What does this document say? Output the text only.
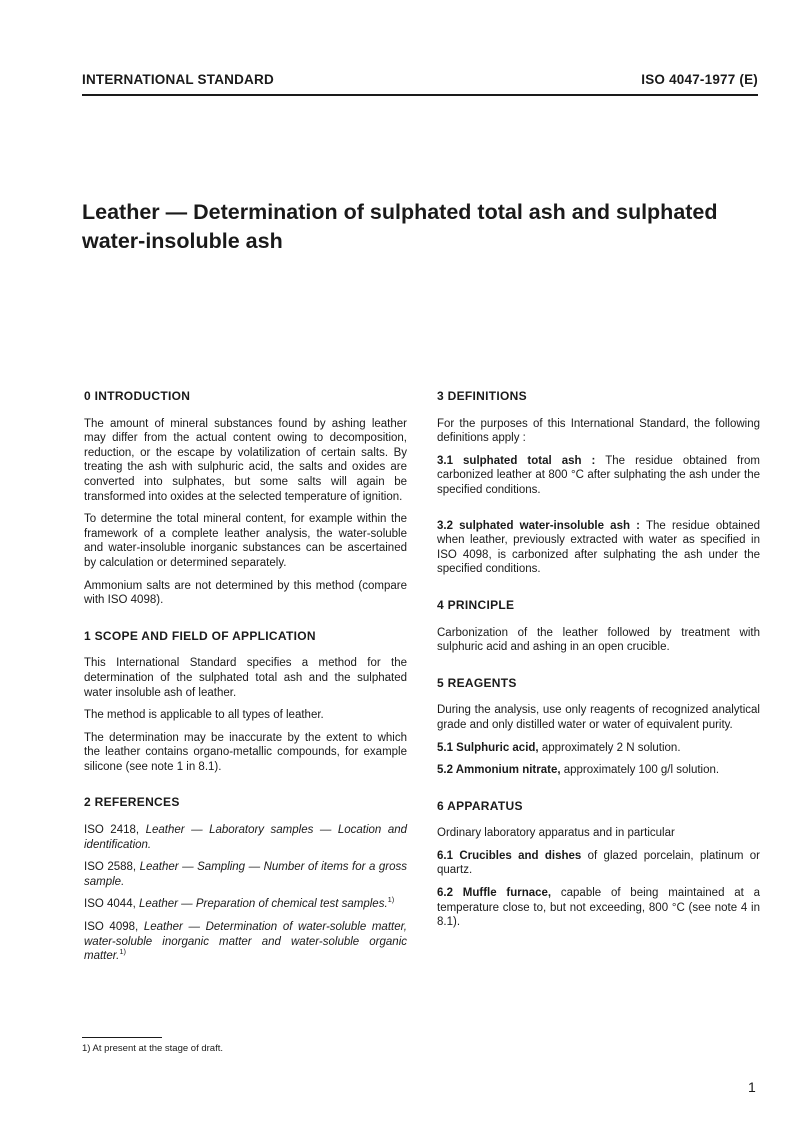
INTERNATIONAL STANDARD	ISO 4047-1977 (E)
Leather — Determination of sulphated total ash and sulphated
water-insoluble ash
0 INTRODUCTION

The amount of mineral substances found by ashing leather may differ from the actual content owing to decomposition, reduction, or the escape by volatilization of certain salts. By treating the ash with sulphuric acid, the salts and oxides are converted into sulphates, but some salts will again be transformed into oxides at the selected temperature of ignition.

To determine the total mineral content, for example within the framework of a complete leather analysis, the water-soluble and water-insoluble inorganic substances can be ascertained by calculation or determined separately.

Ammonium salts are not determined by this method (compare with ISO 4098).

1 SCOPE AND FIELD OF APPLICATION

This International Standard specifies a method for the determination of the sulphated total ash and the sulphated water insoluble ash of leather.

The method is applicable to all types of leather.

The determination may be inaccurate by the extent to which the leather contains organo-metallic compounds, for example silicone (see note 1 in 8.1).

2 REFERENCES

ISO 2418, Leather — Laboratory samples — Location and identification.

ISO 2588, Leather — Sampling — Number of items for a gross sample.

ISO 4044, Leather — Preparation of chemical test samples.$^{1)}$

ISO 4098, Leather — Determination of water-soluble matter, water-soluble inorganic matter and water-soluble organic matter.$^{1)}$

3 DEFINITIONS

For the purposes of this International Standard, the following definitions apply :

3.1 sulphated total ash : The residue obtained from carbonized leather at 800 °C after sulphating the ash under the specified conditions.

3.2 sulphated water-insoluble ash : The residue obtained when leather, previously extracted with water as specified in ISO 4098, is carbonized after sulphating the ash under the specified conditions.

4 PRINCIPLE

Carbonization of the leather followed by treatment with sulphuric acid and ashing in an open crucible.

5 REAGENTS

During the analysis, use only reagents of recognized analytical grade and only distilled water or water of equivalent purity.

5.1 Sulphuric acid, approximately 2 N solution.

5.2 Ammonium nitrate, approximately 100 g/l solution.

6 APPARATUS

Ordinary laboratory apparatus and in particular

6.1 Crucibles and dishes of glazed porcelain, platinum or quartz.

6.2 Muffle furnace, capable of being maintained at a temperature close to, but not exceeding, 800 °C (see note 4 in 8.1).

1) At present at the stage of draft.
1
